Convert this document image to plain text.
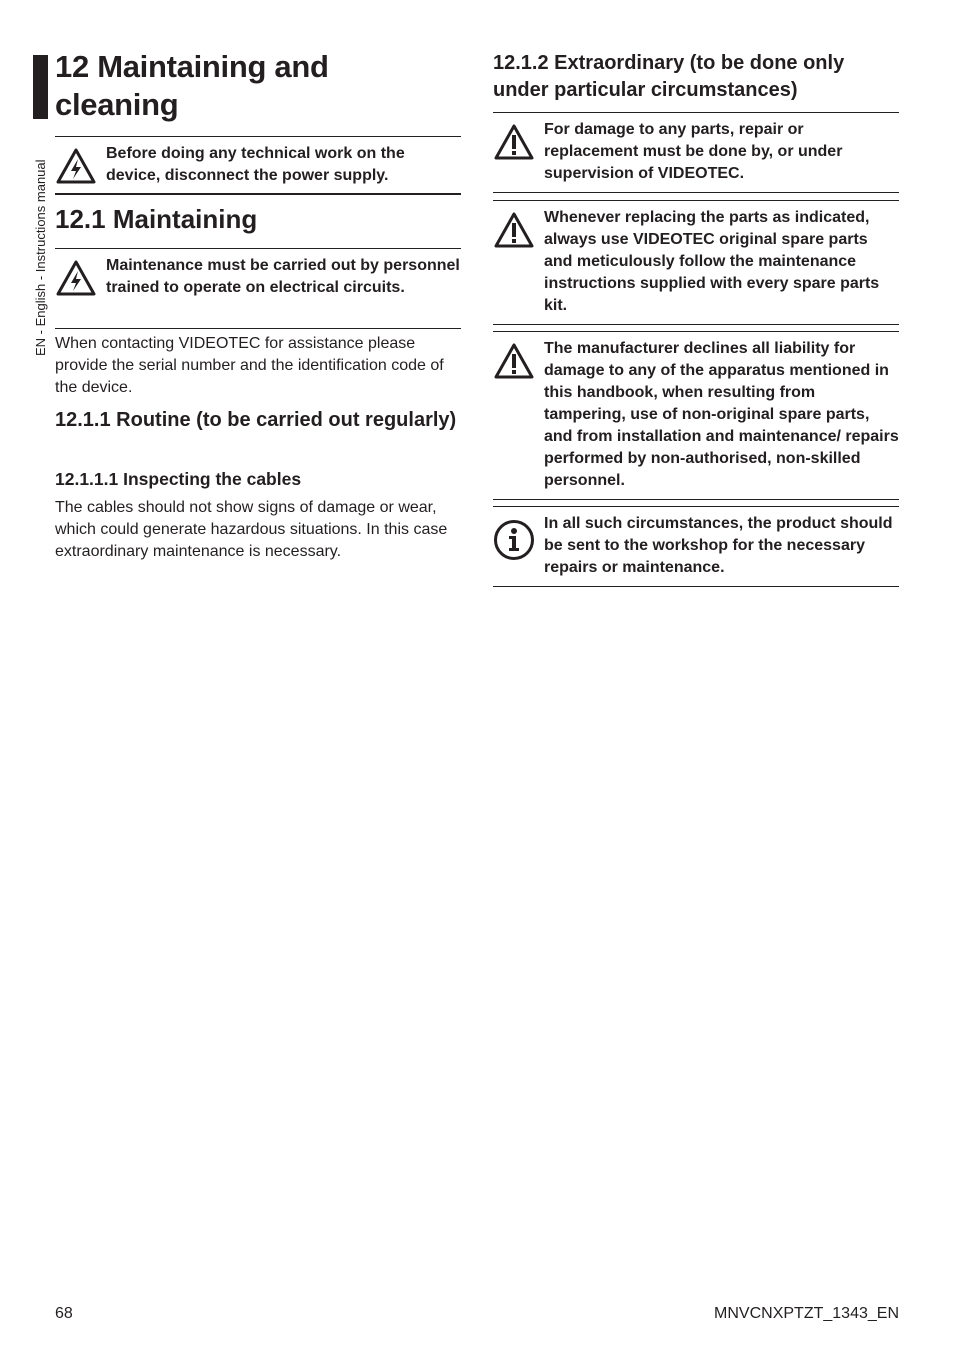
EN - English - Instructions manual
12 Maintaining and cleaning
Before doing any technical work on the device, disconnect the power supply.
12.1 Maintaining
Maintenance must be carried out by personnel trained to operate on electrical circuits.

When contacting VIDEOTEC for assistance please provide the serial number and the identification code of the device.

12.1.1 Routine (to be carried out regularly)
12.1.1.1 Inspecting the cables

The cables should not show signs of damage or wear, which could generate hazardous situations. In this case extraordinary maintenance is necessary.

12.1.2 Extraordinary (to be done only under particular circumstances)
For damage to any parts, repair or replacement must be done by, or under supervision of VIDEOTEC.
Whenever replacing the parts as indicated, always use VIDEOTEC original spare parts and meticulously follow the maintenance instructions supplied with every spare parts kit.
The manufacturer declines all liability for damage to any of the apparatus mentioned in this handbook, when resulting from tampering, use of non-original spare parts, and from installation and maintenance/ repairs performed by non-authorised, non-skilled personnel.
In all such circumstances, the product should be sent to the workshop for the necessary repairs or maintenance.
68	MNVCNXPTZT_1343_EN
